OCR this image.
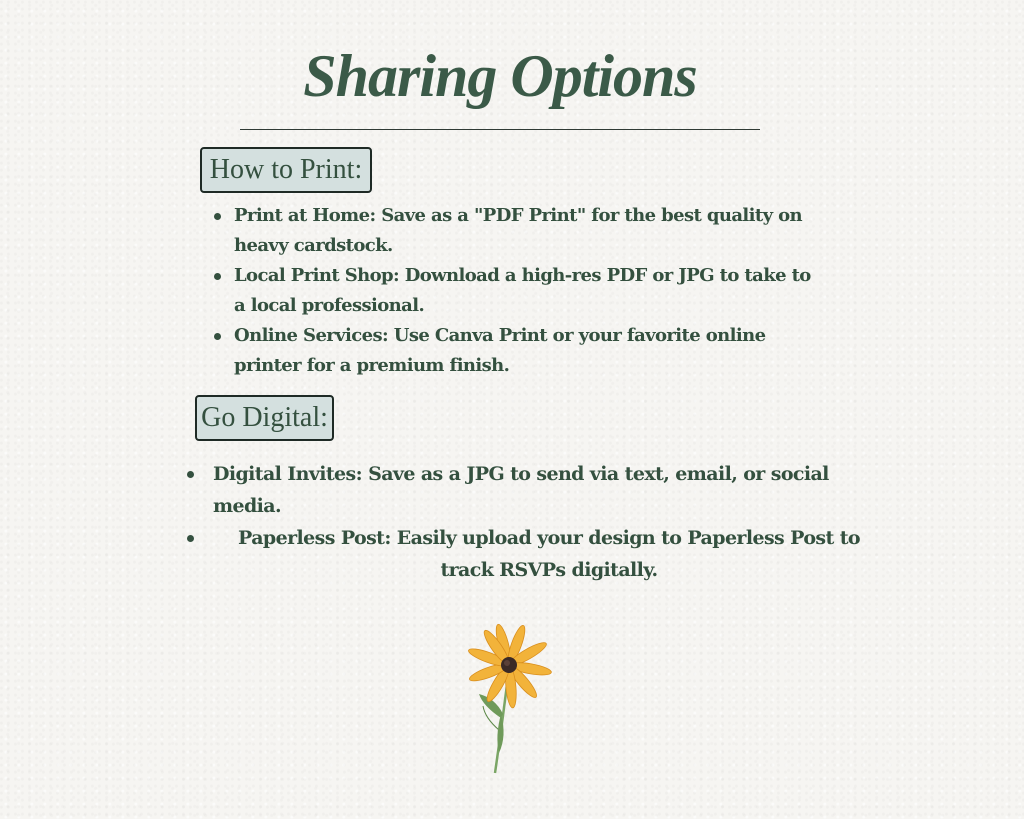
Sharing Options
How to Print:
Print at Home: Save as a "PDF Print" for the best quality on heavy cardstock.
Local Print Shop: Download a high-res PDF or JPG to take to a local professional.
Online Services: Use Canva Print or your favorite online printer for a premium finish.
Go Digital:
Digital Invites: Save as a JPG to send via text, email, or social media.
Paperless Post: Easily upload your design to Paperless Post to track RSVPs digitally.
